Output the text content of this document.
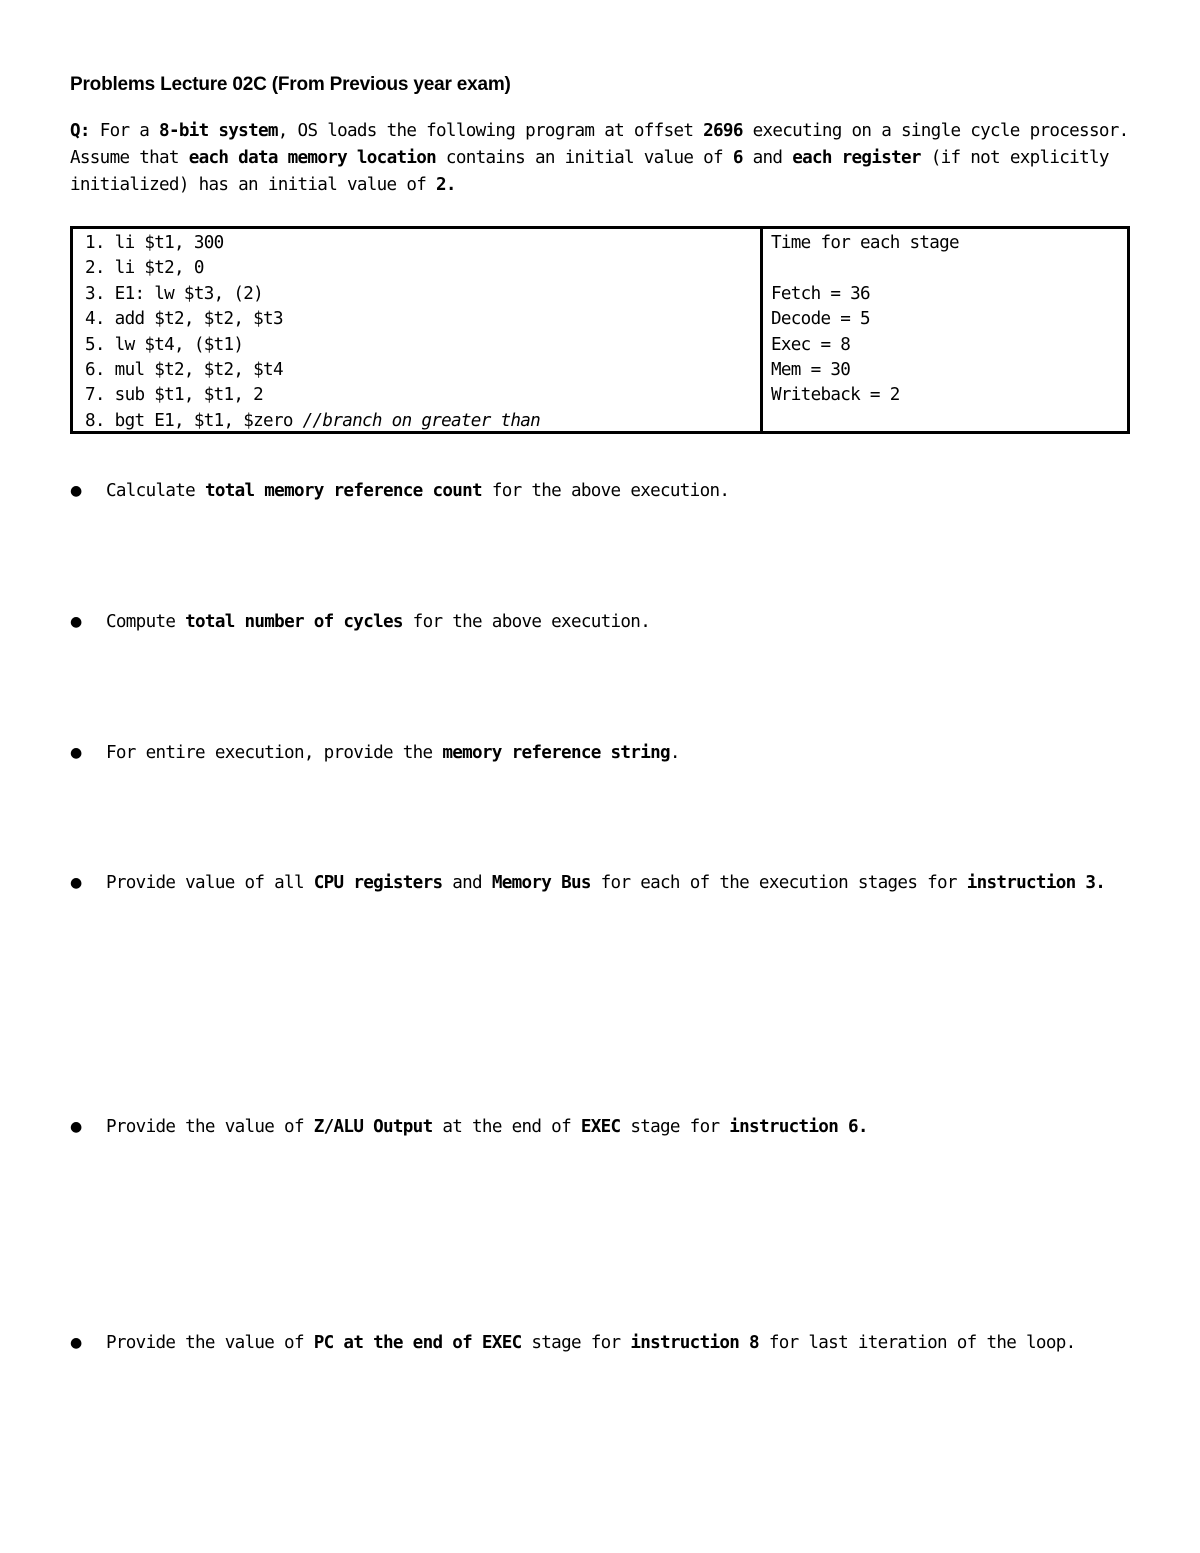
Problems Lecture 02C (From Previous year exam)
Q: For a 8-bit system, OS loads the following program at offset 2696 executing on a single cycle processor. Assume that each data memory location contains an initial value of 6 and each register (if not explicitly initialized) has an initial value of 2.
1. li $t1, 300
2. li $t2, 0
3. E1: lw $t3, (2)
4. add $t2, $t2, $t3
5. lw $t4, ($t1)
6. mul $t2, $t2, $t4
7. sub $t1, $t1, 2
8. bgt E1, $t1, $zero //branch on greater than
Time for each stage
Fetch = 36
Decode = 5
Exec = 8
Mem = 30
Writeback = 2
●	Calculate total memory reference count for the above execution.
●	Compute total number of cycles for the above execution.
●	For entire execution, provide the memory reference string.
●	Provide value of all CPU registers and Memory Bus for each of the execution stages for instruction 3.
●	Provide the value of Z/ALU Output at the end of EXEC stage for instruction 6.
●	Provide the value of PC at the end of EXEC stage for instruction 8 for last iteration of the loop.
